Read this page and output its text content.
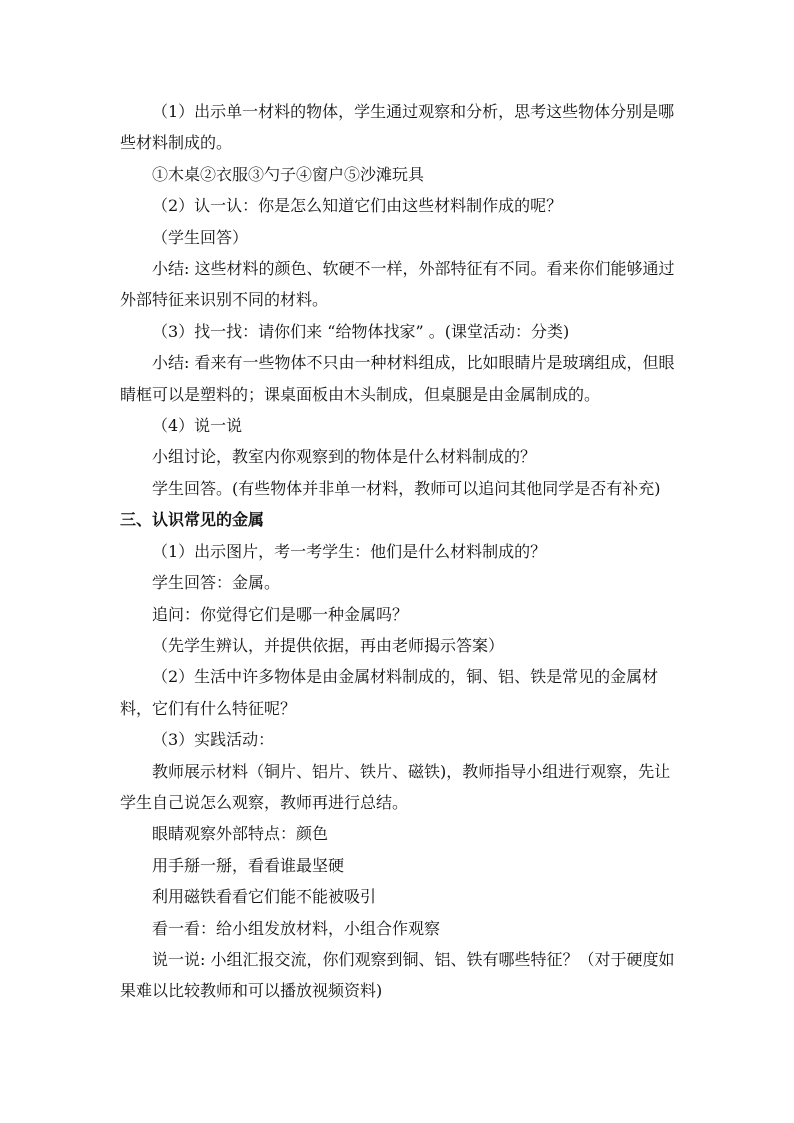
（1）出示单一材料的物体，学生通过观察和分析，思考这些物体分别是哪些材料制成的。

①木桌②衣服③勺子④窗户⑤沙滩玩具

（2）认一认：你是怎么知道它们由这些材料制作成的呢？

（学生回答）

小结: 这些材料的颜色、软硬不一样，外部特征有不同。看来你们能够通过外部特征来识别不同的材料。

（3）找一找：请你们来 “给物体找家” 。(课堂活动：分类)

小结: 看来有一些物体不只由一种材料组成，比如眼睛片是玻璃组成，但眼睛框可以是塑料的；课桌面板由木头制成，但桌腿是由金属制成的。

（4）说一说

小组讨论，教室内你观察到的物体是什么材料制成的？

学生回答。(有些物体并非单一材料，教师可以追问其他同学是否有补充)

三、认识常见的金属

（1）出示图片，考一考学生：他们是什么材料制成的？

学生回答：金属。

追问：你觉得它们是哪一种金属吗？

（先学生辨认，并提供依据，再由老师揭示答案）

（2）生活中许多物体是由金属材料制成的，铜、铝、铁是常见的金属材料，它们有什么特征呢？

（3）实践活动：

教师展示材料（铜片、铝片、铁片、磁铁)，教师指导小组进行观察，先让学生自己说怎么观察，教师再进行总结。

眼睛观察外部特点：颜色

用手掰一掰，看看谁最坚硬

利用磁铁看看它们能不能被吸引

看一看：给小组发放材料，小组合作观察

说一说: 小组汇报交流，你们观察到铜、铝、铁有哪些特征？（对于硬度如果难以比较教师和可以播放视频资料)
